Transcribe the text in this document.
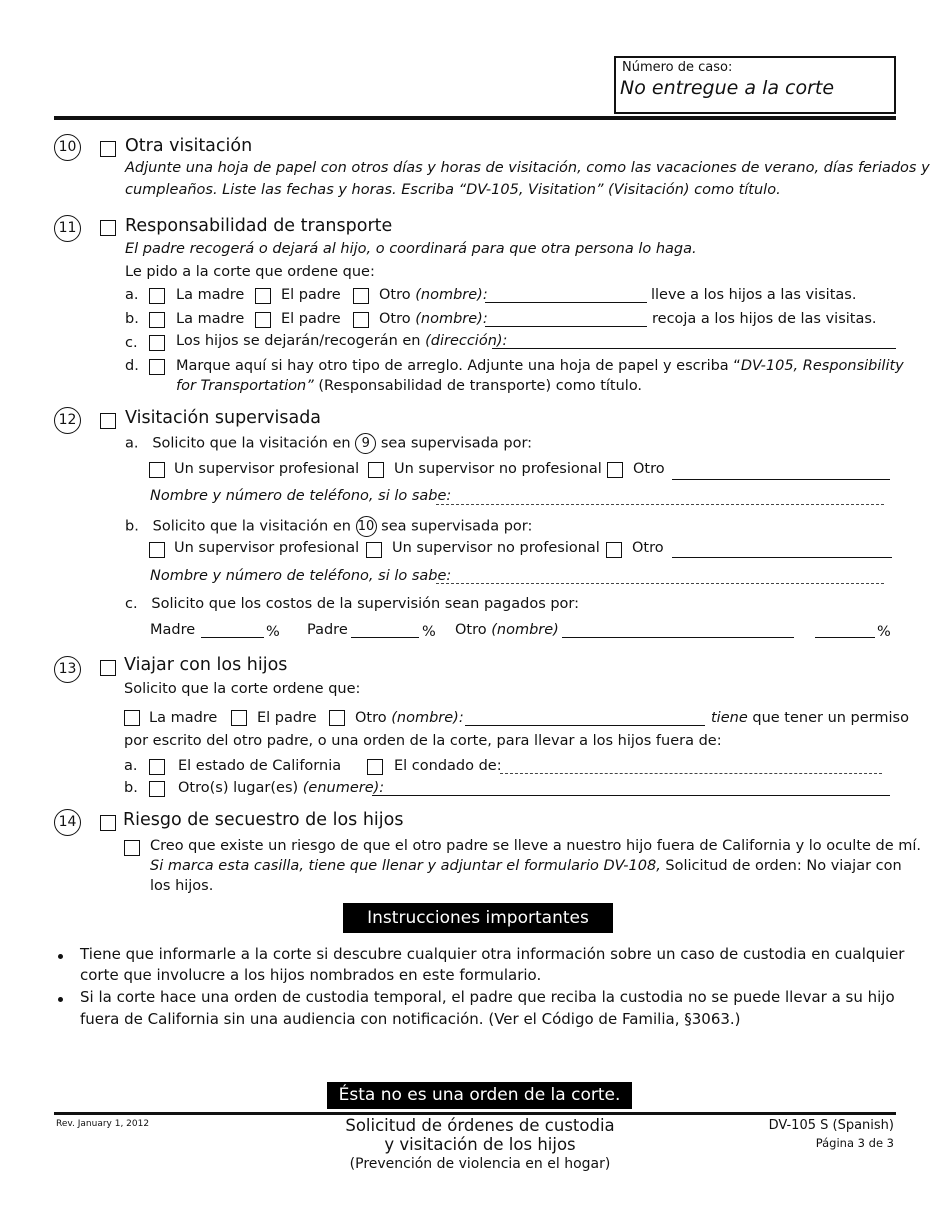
Número de caso:
No entregue a la corte
10	Otra visitación
Adjunte una hoja de papel con otros días y horas de visitación, como las vacaciones de verano, días feriados y
cumpleaños. Liste las fechas y horas. Escriba “DV-105, Visitation” (Visitación) como título.
11	Responsabilidad de transporte
El padre recogerá o dejará al hijo, o coordinará para que otra persona lo haga.
Le pido a la corte que ordene que:
a.	La madre	El padre	Otro (nombre):	lleve a los hijos a las visitas.
b.	La madre	El padre	Otro (nombre):	recoja a los hijos de las visitas.
c.	Los hijos se dejarán/recogerán en (dirección):
d.	Marque aquí si hay otro tipo de arreglo. Adjunte una hoja de papel y escriba “DV-105, Responsibility
for Transportation” (Responsabilidad de transporte) como título.
12	Visitación supervisada
a. Solicito que la visitación en 9 sea supervisada por:
Un supervisor profesional Un supervisor no profesional Otro
Nombre y número de teléfono, si lo sabe:
b. Solicito que la visitación en 10 sea supervisada por:
Un supervisor profesional Un supervisor no profesional Otro
Nombre y número de teléfono, si lo sabe:
c. Solicito que los costos de la supervisión sean pagados por:
Madre	% Padre	% Otro (nombre)	%
13	Viajar con los hijos
Solicito que la corte ordene que:
La madre	El padre	Otro (nombre):	tiene que tener un permiso
por escrito del otro padre, o una orden de la corte, para llevar a los hijos fuera de:
a.	El estado de California	El condado de:
b.	Otro(s) lugar(es) (enumere):
14	Riesgo de secuestro de los hijos
Creo que existe un riesgo de que el otro padre se lleve a nuestro hijo fuera de California y lo oculte de mí.
Si marca esta casilla, tiene que llenar y adjuntar el formulario DV-108, Solicitud de orden: No viajar con
los hijos.
Instrucciones importantes
Tiene que informarle a la corte si descubre cualquier otra información sobre un caso de custodia en cualquier
corte que involucre a los hijos nombrados en este formulario.
Si la corte hace una orden de custodia temporal, el padre que reciba la custodia no se puede llevar a su hijo
fuera de California sin una audiencia con notificación. (Ver el Código de Familia, §3063.)
Ésta no es una orden de la corte.
Rev. January 1, 2012	Solicitud de órdenes de custodia
y visitación de los hijos
(Prevención de violencia en el hogar)
DV-105 S (Spanish)
Página 3 de 3
